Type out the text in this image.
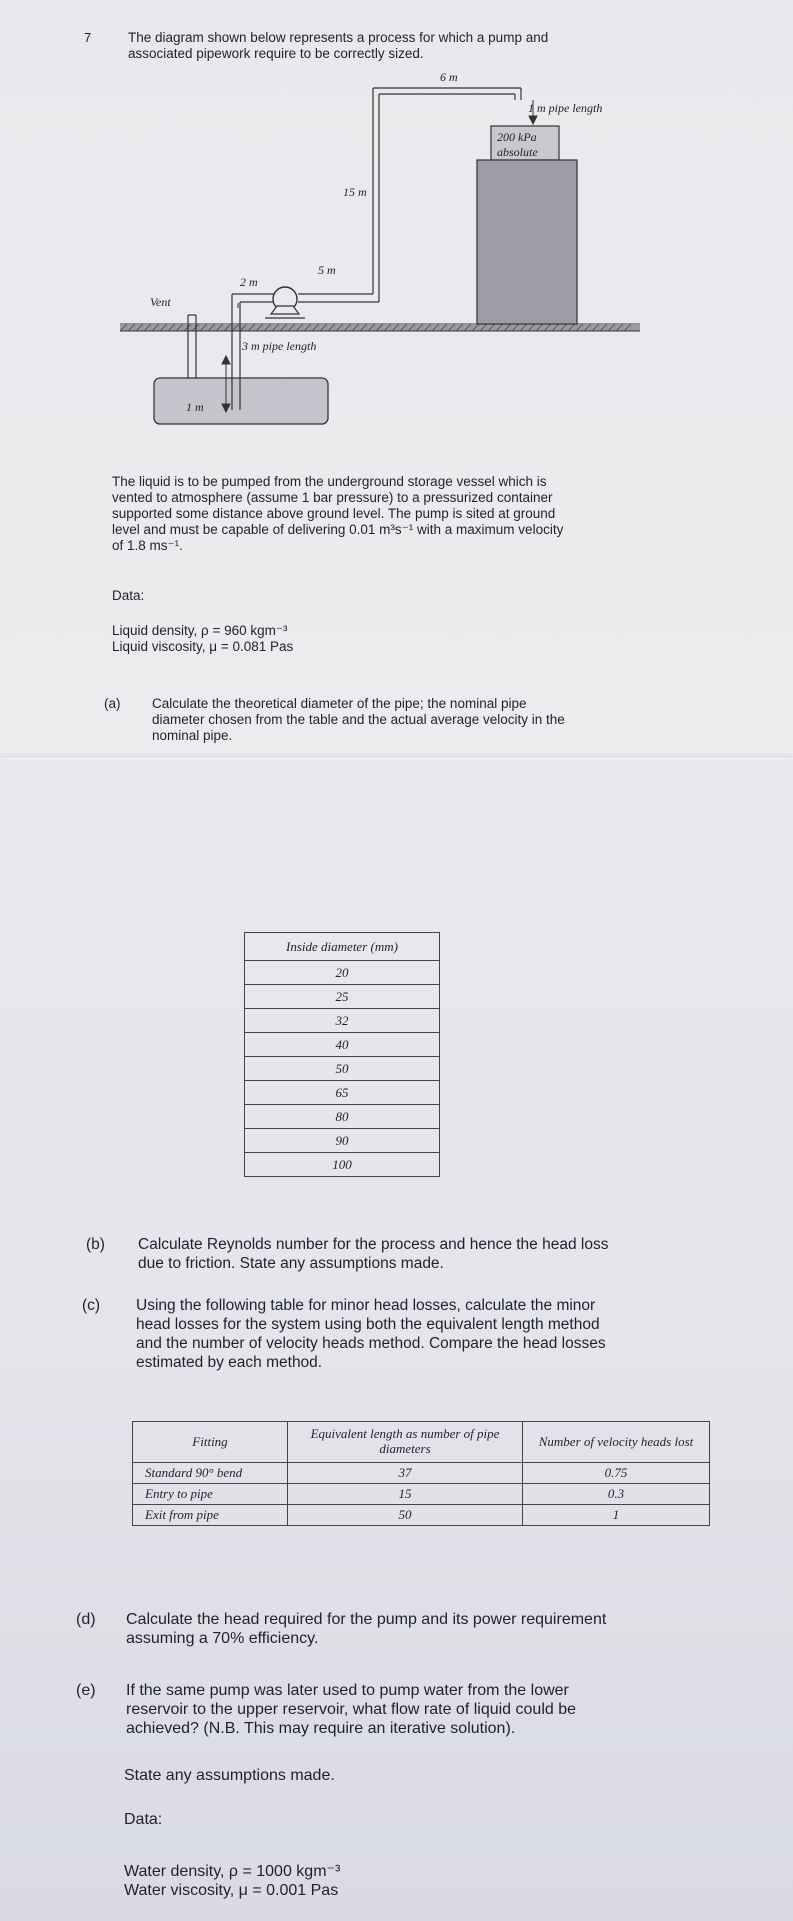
7	The diagram shown below represents a process for which a pump and
associated pipework require to be correctly sized.
6 m
1 m pipe length
200 kPa
absolute
15 m
5 m
2 m
Vent
3 m pipe length
1 m
The liquid is to be pumped from the underground storage vessel which is
vented to atmosphere (assume 1 bar pressure) to a pressurized container
supported some distance above ground level. The pump is sited at ground
level and must be capable of delivering 0.01 m³s⁻¹ with a maximum velocity
of 1.8 ms⁻¹.
Data:
Liquid density, ρ = 960 kgm⁻³
Liquid viscosity, μ = 0.081 Pas
(a) Calculate the theoretical diameter of the pipe; the nominal pipe
diameter chosen from the table and the actual average velocity in the
nominal pipe.
Inside diameter (mm)
20
25
32
40
50
65
80
90
100
(b) Calculate Reynolds number for the process and hence the head loss
due to friction. State any assumptions made.
(c) Using the following table for minor head losses, calculate the minor
head losses for the system using both the equivalent length method
and the number of velocity heads method. Compare the head losses
estimated by each method.
Fitting	Equivalent length as number of pipe diameters	Number of velocity heads lost
Standard 90° bend	37	0.75
Entry to pipe	15	0.3
Exit from pipe	50	1
(d) Calculate the head required for the pump and its power requirement
assuming a 70% efficiency.
(e) If the same pump was later used to pump water from the lower
reservoir to the upper reservoir, what flow rate of liquid could be
achieved? (N.B. This may require an iterative solution).
State any assumptions made.
Data:
Water density, ρ = 1000 kgm⁻³
Water viscosity, μ = 0.001 Pas
